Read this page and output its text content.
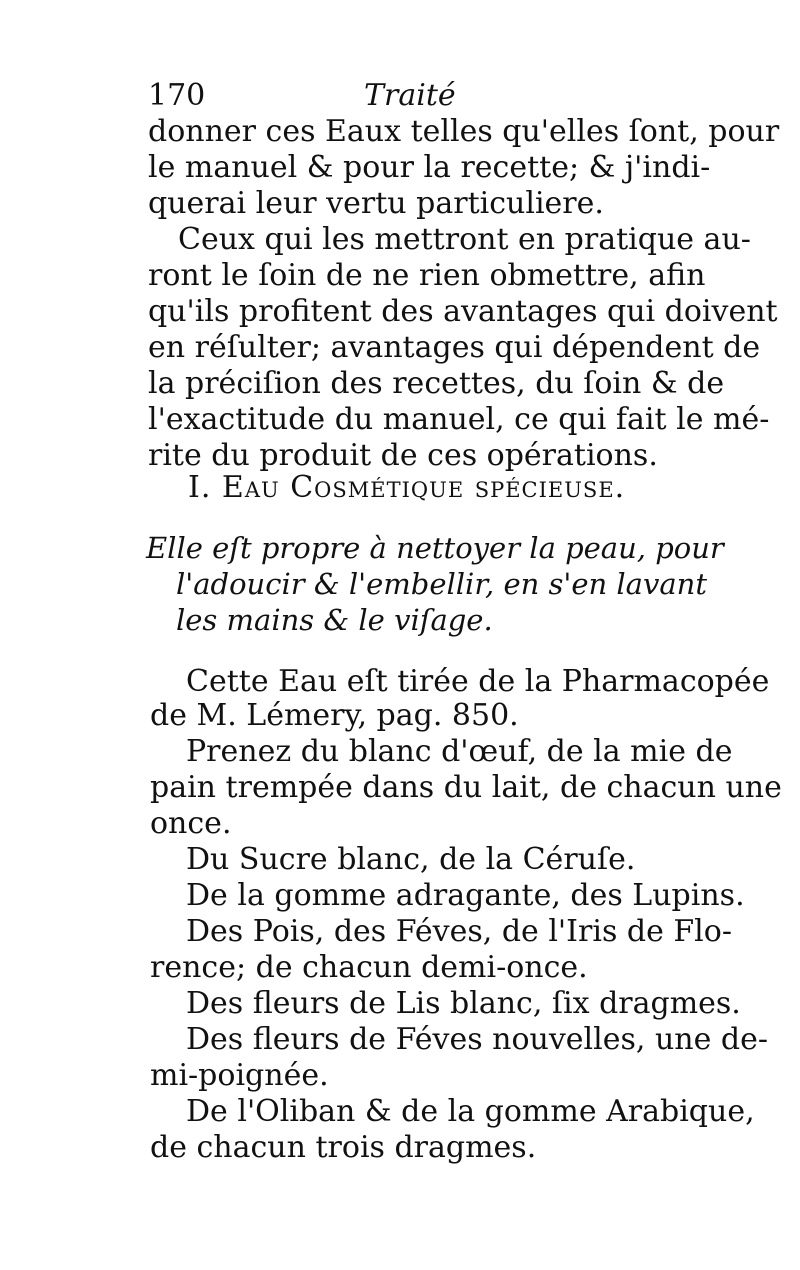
170	Traité
donner ces Eaux telles qu'elles ſont, pour
le manuel & pour la recette; & j'indi-
querai leur vertu particuliere.
Ceux qui les mettront en pratique au-
ront le ſoin de ne rien obmettre, afin
qu'ils profitent des avantages qui doivent
en réſulter; avantages qui dépendent de
la préciſion des recettes, du ſoin & de
l'exactitude du manuel, ce qui fait le mé-
rite du produit de ces opérations.
I. Eau Cosmétique spécieuse.
Elle eſt propre à nettoyer la peau, pour
l'adoucir & l'embellir, en s'en lavant
les mains & le viſage.
Cette Eau eſt tirée de la Pharmacopée
de M. Lémery, pag. 850.
Prenez du blanc d'œuf, de la mie de
pain trempée dans du lait, de chacun une
once.
Du Sucre blanc, de la Céruſe.
De la gomme adragante, des Lupins.
Des Pois, des Féves, de l'Iris de Flo-
rence; de chacun demi-once.
Des fleurs de Lis blanc, ſix dragmes.
Des fleurs de Féves nouvelles, une de-
mi-poignée.
De l'Oliban & de la gomme Arabique,
de chacun trois dragmes.
